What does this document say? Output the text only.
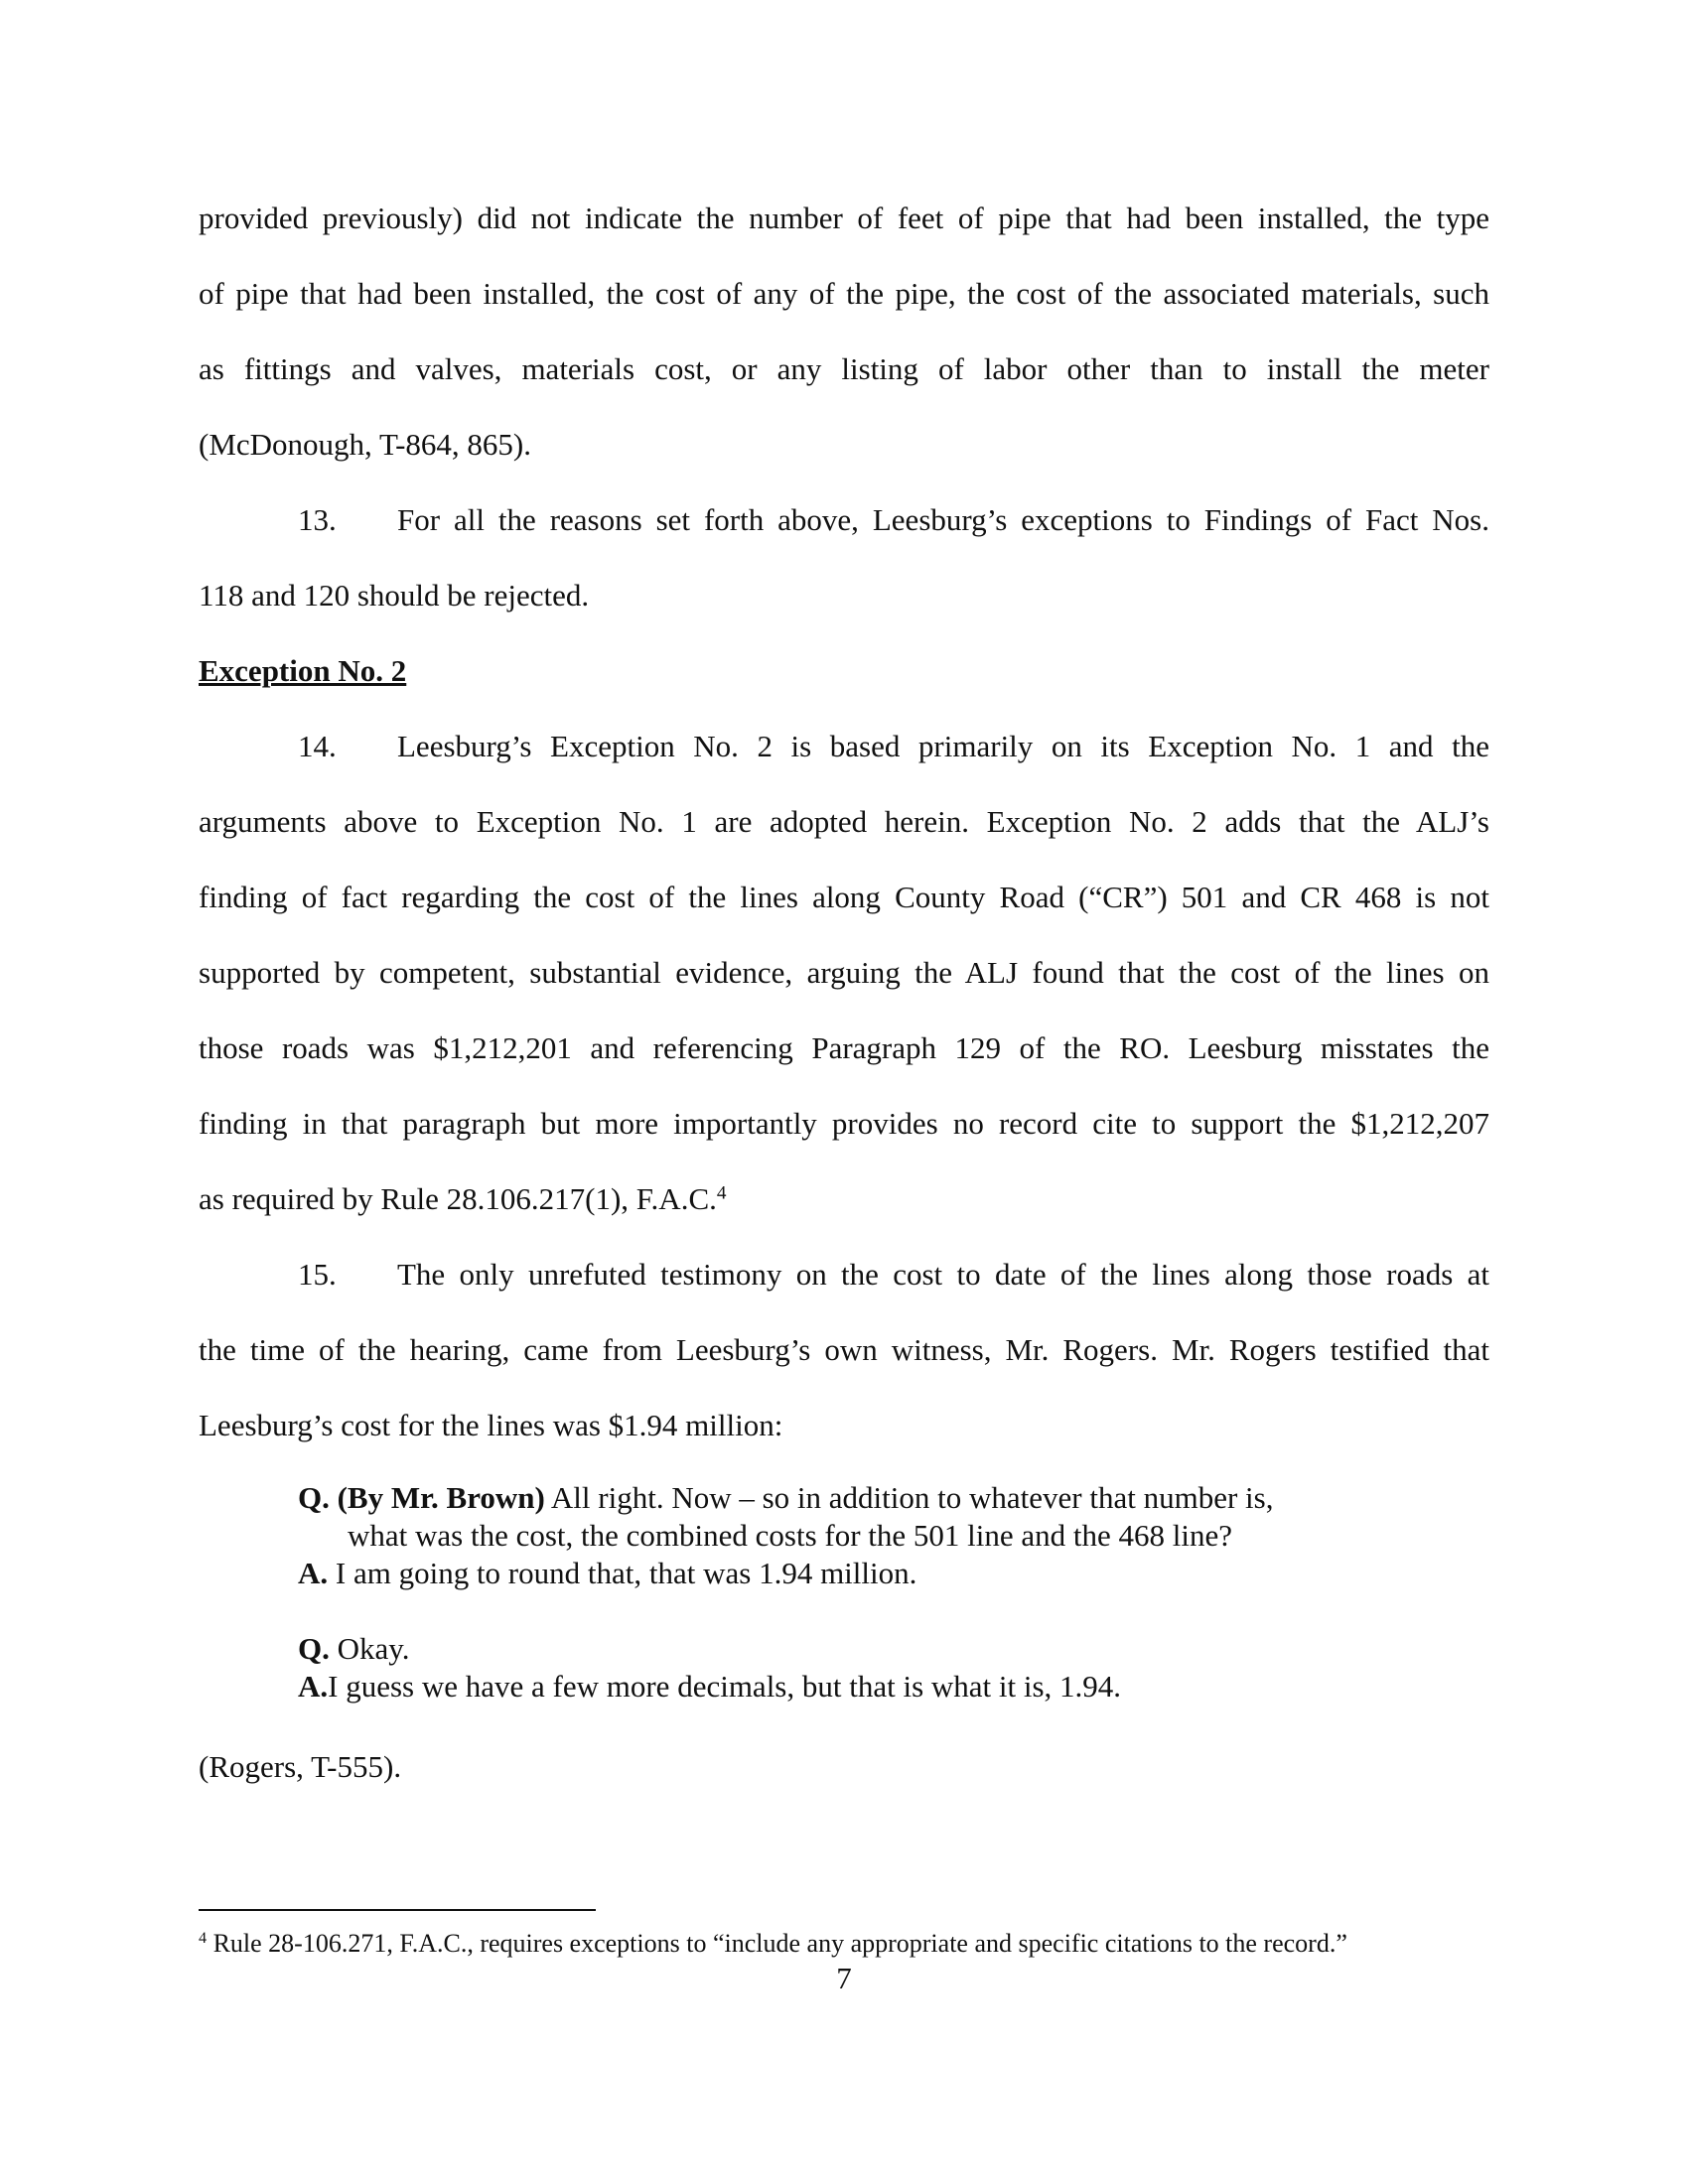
provided previously) did not indicate the number of feet of pipe that had been installed, the type
of pipe that had been installed, the cost of any of the pipe, the cost of the associated materials, such
as fittings and valves, materials cost, or any listing of labor other than to install the meter
(McDonough, T-864, 865).
13.	For all the reasons set forth above, Leesburg’s exceptions to Findings of Fact Nos.
118 and 120 should be rejected.
Exception No. 2
14.	Leesburg’s Exception No. 2 is based primarily on its Exception No. 1 and the
arguments above to Exception No. 1 are adopted herein. Exception No. 2 adds that the ALJ’s
finding of fact regarding the cost of the lines along County Road (“CR”) 501 and CR 468 is not
supported by competent, substantial evidence, arguing the ALJ found that the cost of the lines on
those roads was $1,212,201 and referencing Paragraph 129 of the RO. Leesburg misstates the
finding in that paragraph but more importantly provides no record cite to support the $1,212,207
as required by Rule 28.106.217(1), F.A.C.$^4$
15.	The only unrefuted testimony on the cost to date of the lines along those roads at
the time of the hearing, came from Leesburg’s own witness, Mr. Rogers. Mr. Rogers testified that
Leesburg’s cost for the lines was $1.94 million:
Q. (By Mr. Brown) All right. Now – so in addition to whatever that number is,
what was the cost, the combined costs for the 501 line and the 468 line?
A. I am going to round that, that was 1.94 million.
Q. Okay.
A.I guess we have a few more decimals, but that is what it is, 1.94.
(Rogers, T-555).
$^4$ Rule 28-106.271, F.A.C., requires exceptions to “include any appropriate and specific citations to the record.”
7
